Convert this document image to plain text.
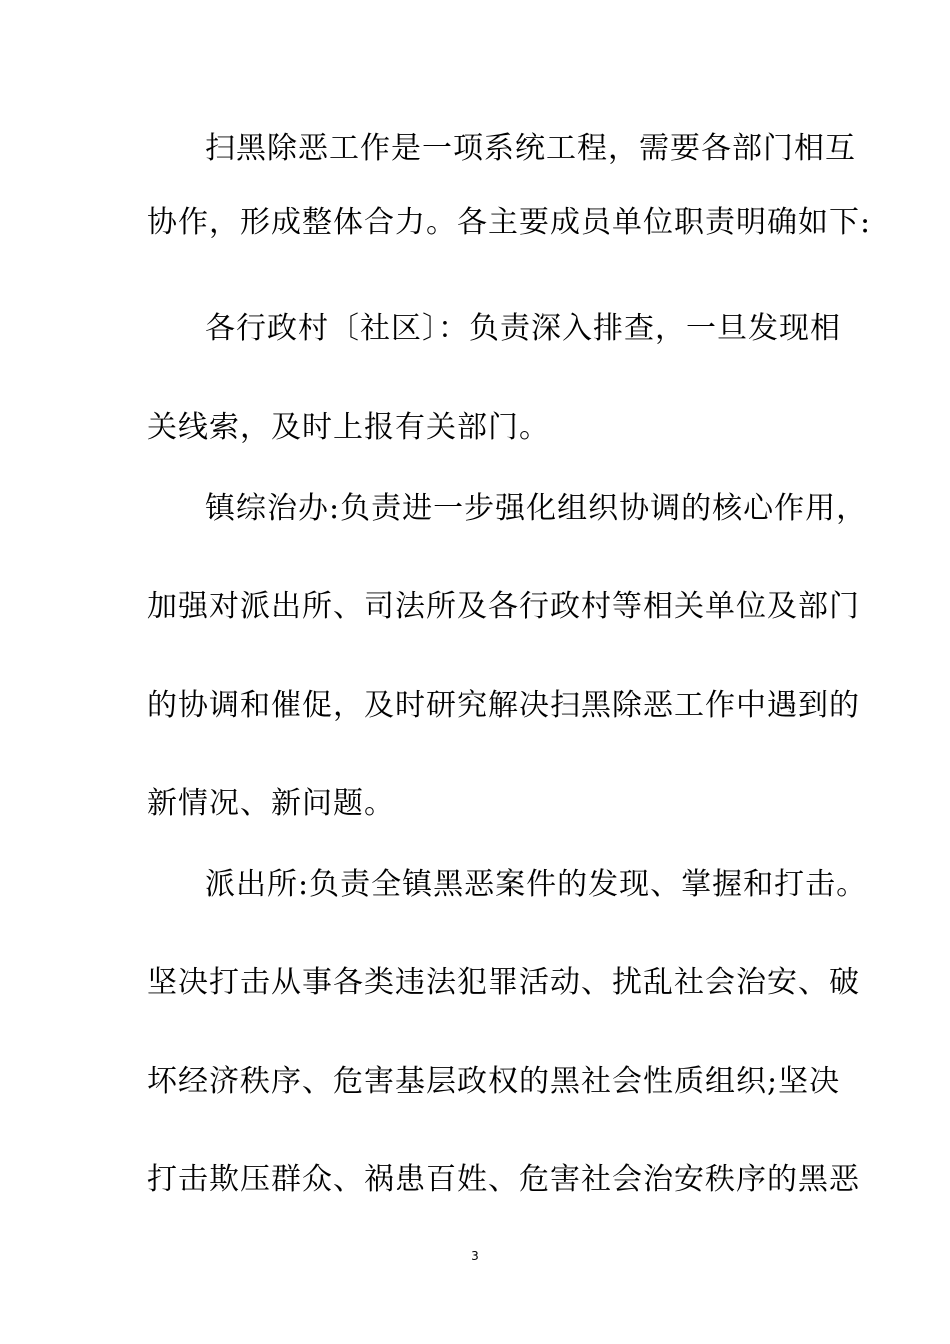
扫黑除恶工作是一项系统工程，需要各部门相互
协作，形成整体合力。各主要成员单位职责明确如下:
各行政村〔社区〕：负责深入排查，一旦发现相
关线索，及时上报有关部门。
镇综治办:负责进一步强化组织协调的核心作用，
加强对派出所、司法所及各行政村等相关单位及部门
的协调和催促，及时研究解决扫黑除恶工作中遇到的
新情况、新问题。
派出所:负责全镇黑恶案件的发现、掌握和打击。
坚决打击从事各类违法犯罪活动、扰乱社会治安、破
坏经济秩序、危害基层政权的黑社会性质组织;坚决
打击欺压群众、祸患百姓、危害社会治安秩序的黑恶
3
